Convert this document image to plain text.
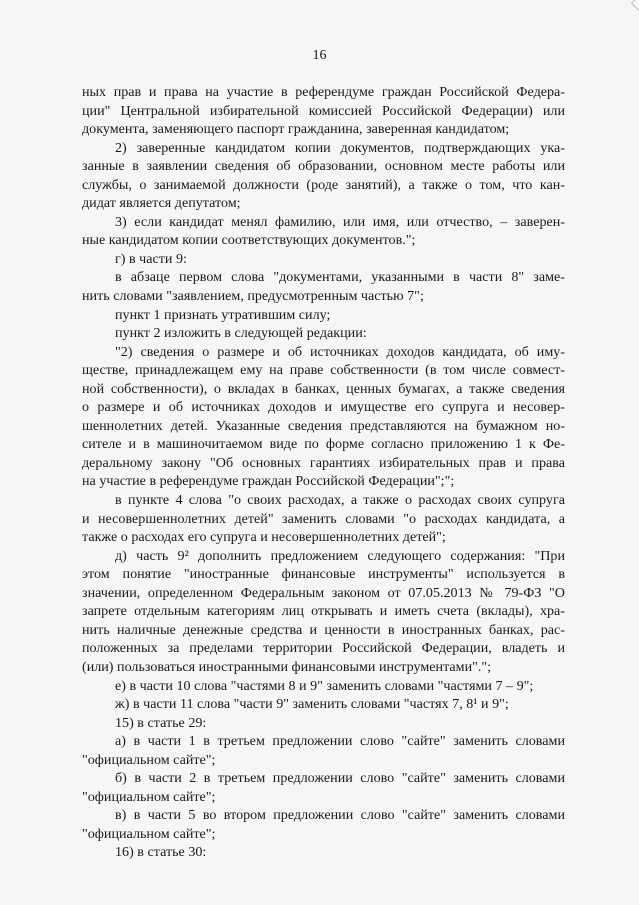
16

ных прав и права на участие в референдуме граждан Российской Федера-

ции" Центральной избирательной комиссией Российской Федерации) или

документа, заменяющего паспорт гражданина, заверенная кандидатом;

2) заверенные кандидатом копии документов, подтверждающих ука-

занные в заявлении сведения об образовании, основном месте работы или

службы, о занимаемой должности (роде занятий), а также о том, что кан-

дидат является депутатом;

3) если кандидат менял фамилию, или имя, или отчество, – заверен-

ные кандидатом копии соответствующих документов.";

г) в части 9:

в абзаце первом слова "документами, указанными в части 8" заме-

нить словами "заявлением, предусмотренным частью 7";

пункт 1 признать утратившим силу;

пункт 2 изложить в следующей редакции:

"2) сведения о размере и об источниках доходов кандидата, об иму-

ществе, принадлежащем ему на праве собственности (в том числе совмест-

ной собственности), о вкладах в банках, ценных бумагах, а также сведения

о размере и об источниках доходов и имуществе его супруга и несовер-

шеннолетних детей. Указанные сведения представляются на бумажном но-

сителе и в машиночитаемом виде по форме согласно приложению 1 к Фе-

деральному закону "Об основных гарантиях избирательных прав и права

на участие в референдуме граждан Российской Федерации";";

в пункте 4 слова "о своих расходах, а также о расходах своих супруга

и несовершеннолетних детей" заменить словами "о расходах кандидата, а

также о расходах его супруга и несовершеннолетних детей";

д) часть 9² дополнить предложением следующего содержания: "При

этом понятие "иностранные финансовые инструменты" используется в

значении, определенном Федеральным законом от 07.05.2013 № 79-ФЗ "О

запрете отдельным категориям лиц открывать и иметь счета (вклады), хра-

нить наличные денежные средства и ценности в иностранных банках, рас-

положенных за пределами территории Российской Федерации, владеть и

(или) пользоваться иностранными финансовыми инструментами".";

е) в части 10 слова "частями 8 и 9" заменить словами "частями 7 – 9";

ж) в части 11 слова "части 9" заменить словами "частях 7, 8¹ и 9";

15) в статье 29:

а) в части 1 в третьем предложении слово "сайте" заменить словами

"официальном сайте";

б) в части 2 в третьем предложении слово "сайте" заменить словами

"официальном сайте";

в) в части 5 во втором предложении слово "сайте" заменить словами

"официальном сайте";

16) в статье 30:
